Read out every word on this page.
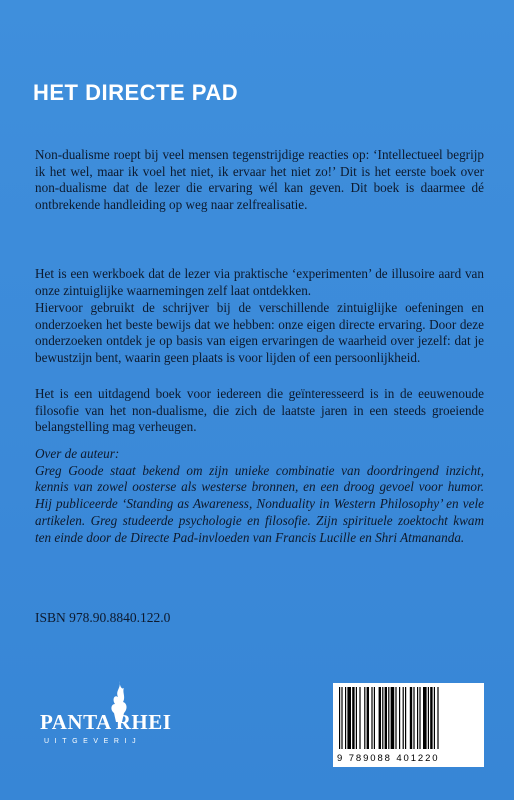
HET DIRECTE PAD

Non-dualisme roept bij veel mensen tegenstrijdige reacties op: ‘Intellectueel begrijp ik het wel, maar ik voel het niet, ik ervaar het niet zo!’ Dit is het eerste boek over non-dualisme dat de lezer die ervaring wél kan geven. Dit boek is daarmee dé ontbrekende handleiding op weg naar zelfrealisatie.

Het is een werkboek dat de lezer via praktische ‘experimenten’ de illusoire aard van onze zintuiglijke waarnemingen zelf laat ontdekken.

Hiervoor gebruikt de schrijver bij de verschillende zintuiglijke oefeningen en onderzoeken het beste bewijs dat we hebben: onze eigen directe ervaring. Door deze onderzoeken ontdek je op basis van eigen ervaringen de waarheid over jezelf: dat je bewustzijn bent, waarin geen plaats is voor lijden of een persoonlijkheid.

Het is een uitdagend boek voor iedereen die geïnteresseerd is in de eeuwenoude filosofie van het non-dualisme, die zich de laatste jaren in een steeds groeiende belangstelling mag verheugen.

Over de auteur:
Greg Goode staat bekend om zijn unieke combinatie van doordringend inzicht, kennis van zowel oosterse als westerse bronnen, en een droog gevoel voor humor. Hij publiceerde ‘Standing as Awareness, Nonduality in Western Philosophy’ en vele artikelen. Greg studeerde psychologie en filosofie. Zijn spirituele zoektocht kwam ten einde door de Directe Pad-invloeden van Francis Lucille en Shri Atmananda.
ISBN 978.90.8840.122.0
PANTA RHEI
UITGEVERIJ
9 789088 401220
